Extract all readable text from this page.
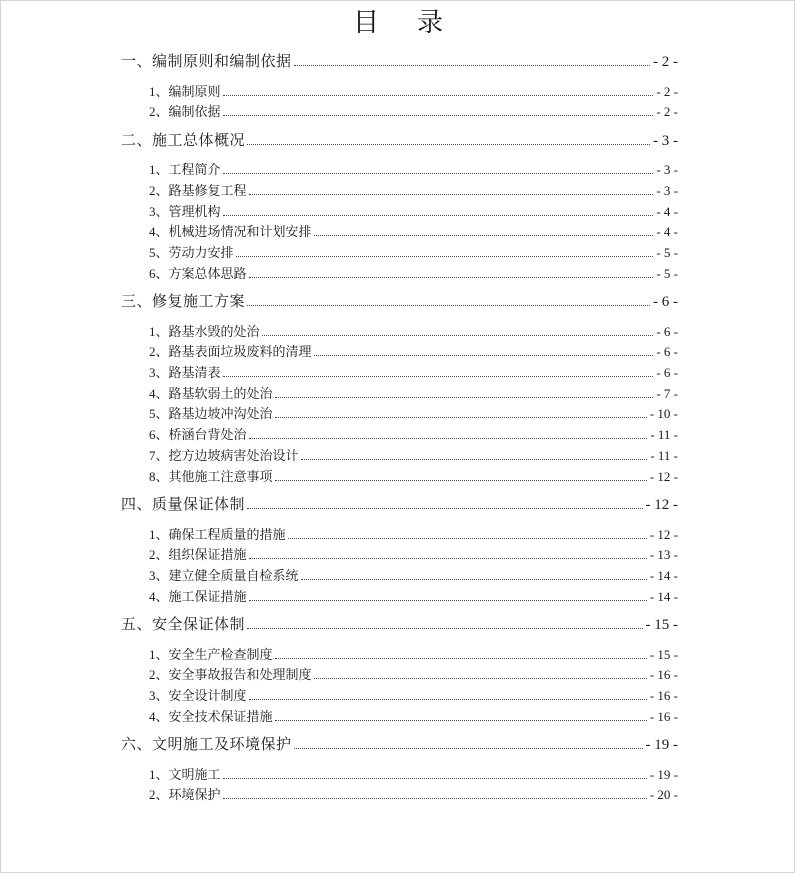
目　录
一、编制原则和编制依据	- 2 -
1、编制原则	- 2 -
2、编制依据	- 2 -
二、施工总体概况	- 3 -
1、工程简介	- 3 -
2、路基修复工程	- 3 -
3、管理机构	- 4 -
4、机械进场情况和计划安排	- 4 -
5、劳动力安排	- 5 -
6、方案总体思路	- 5 -
三、修复施工方案	- 6 -
1、路基水毁的处治	- 6 -
2、路基表面垃圾废料的清理	- 6 -
3、路基清表	- 6 -
4、路基软弱土的处治	- 7 -
5、路基边坡冲沟处治	- 10 -
6、桥涵台背处治	- 11 -
7、挖方边坡病害处治设计	- 11 -
8、其他施工注意事项	- 12 -
四、质量保证体制	- 12 -
1、确保工程质量的措施	- 12 -
2、组织保证措施	- 13 -
3、建立健全质量自检系统	- 14 -
4、施工保证措施	- 14 -
五、安全保证体制	- 15 -
1、安全生产检查制度	- 15 -
2、安全事故报告和处理制度	- 16 -
3、安全设计制度	- 16 -
4、安全技术保证措施	- 16 -
六、文明施工及环境保护	- 19 -
1、文明施工	- 19 -
2、环境保护	- 20 -
